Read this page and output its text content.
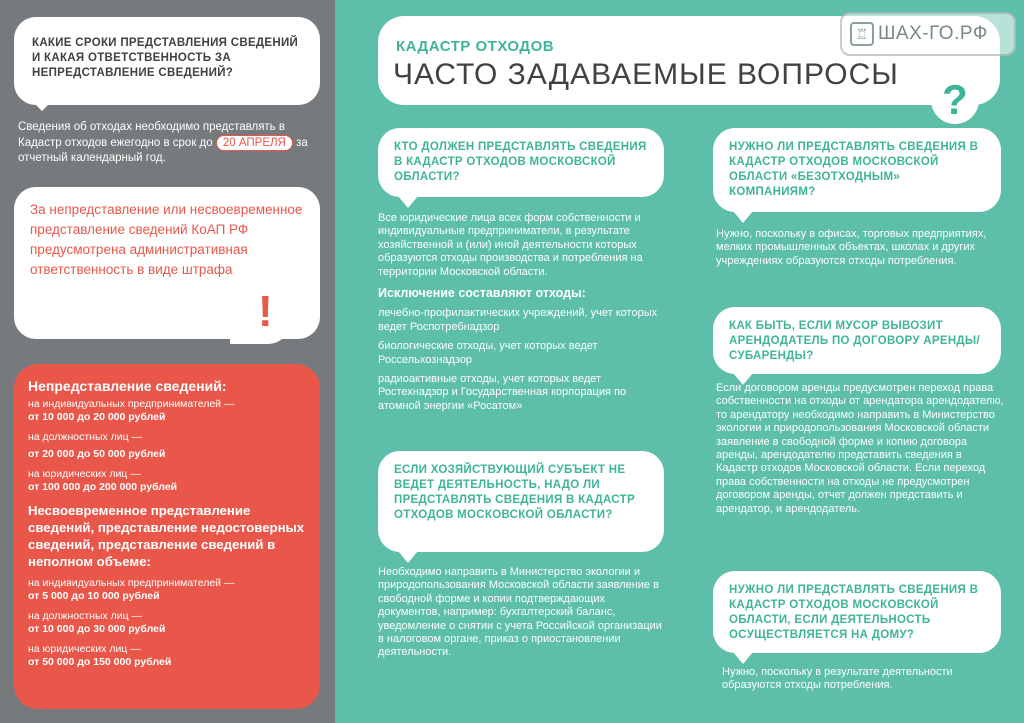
КАКИЕ СРОКИ ПРЕДСТАВЛЕНИЯ СВЕДЕНИЙ И КАКАЯ ОТВЕТСТВЕННОСТЬ ЗА НЕПРЕДСТАВЛЕНИЕ СВЕДЕНИЙ?
Сведения об отходах необходимо представлять в Кадастр отходов ежегодно в срок до 20 АПРЕЛЯ за отчетный календарный год.
За непредставление или несвоевременное представление сведений КоАП РФ предусмотрена административная ответственность в виде штрафа
!
Непредставление сведений:
на индивидуальных предпринимателей —
от 10 000 до 20 000 рублей
на должностных лиц —
от 20 000 до 50 000 рублей
на юридических лиц —
от 100 000 до 200 000 рублей
Несвоевременное представление сведений, представление недостоверных сведений, представление сведений в неполном объеме:
на индивидуальных предпринимателей —
от 5 000 до 10 000 рублей
на должностных лиц —
от 10 000 до 30 000 рублей
на юридических лиц —
от 50 000 до 150 000 рублей
КАДАСТР ОТХОДОВ
ЧАСТО ЗАДАВАЕМЫЕ ВОПРОСЫ
?
♖ ШАХ-ГО.РФ
КТО ДОЛЖЕН ПРЕДСТАВЛЯТЬ СВЕДЕНИЯ В КАДАСТР ОТХОДОВ МОСКОВСКОЙ ОБЛАСТИ?
Все юридические лица всех форм собственности и индивидуальные предприниматели, в результате хозяйственной и (или) иной деятельности которых образуются отходы производства и потребления на территории Московской области.
Исключение составляют отходы:
лечебно-профилактических учреждений, учет которых ведет Роспотребнадзор
биологические отходы, учет которых ведет Россельхознадзор
радиоактивные отходы, учет которых ведет Ростехнадзор и Государственная корпорация по атомной энергии «Росатом»
ЕСЛИ ХОЗЯЙСТВУЮЩИЙ СУБЪЕКТ НЕ ВЕДЕТ ДЕЯТЕЛЬНОСТЬ, НАДО ЛИ ПРЕДСТАВЛЯТЬ СВЕДЕНИЯ В КАДАСТР ОТХОДОВ МОСКОВСКОЙ ОБЛАСТИ?
Необходимо направить в Министерство экологии и природопользования Московской области заявление в свободной форме и копии подтверждающих документов, например: бухгалтерский баланс, уведомление о снятии с учета Российской организации в налоговом органе, приказ о приостановлении деятельности.
НУЖНО ЛИ ПРЕДСТАВЛЯТЬ СВЕДЕНИЯ В КАДАСТР ОТХОДОВ МОСКОВСКОЙ ОБЛАСТИ «БЕЗОТХОДНЫМ» КОМПАНИЯМ?
Нужно, поскольку в офисах, торговых предприятиях, мелких промышленных объектах, школах и других учреждениях образуются отходы потребления.
КАК БЫТЬ, ЕСЛИ МУСОР ВЫВОЗИТ АРЕНДОДАТЕЛЬ ПО ДОГОВОРУ АРЕНДЫ/СУБАРЕНДЫ?
Если договором аренды предусмотрен переход права собственности на отходы от арендатора арендодателю, то арендатору необходимо направить в Министерство экологии и природопользования Московской области заявление в свободной форме и копию договора аренды, арендодателю представить сведения в Кадастр отходов Московской области. Если переход права собственности на отходы не предусмотрен договором аренды, отчет должен представить и арендатор, и арендодатель.
НУЖНО ЛИ ПРЕДСТАВЛЯТЬ СВЕДЕНИЯ В КАДАСТР ОТХОДОВ МОСКОВСКОЙ ОБЛАСТИ, ЕСЛИ ДЕЯТЕЛЬНОСТЬ ОСУЩЕСТВЛЯЕТСЯ НА ДОМУ?
Нужно, поскольку в результате деятельности образуются отходы потребления.
